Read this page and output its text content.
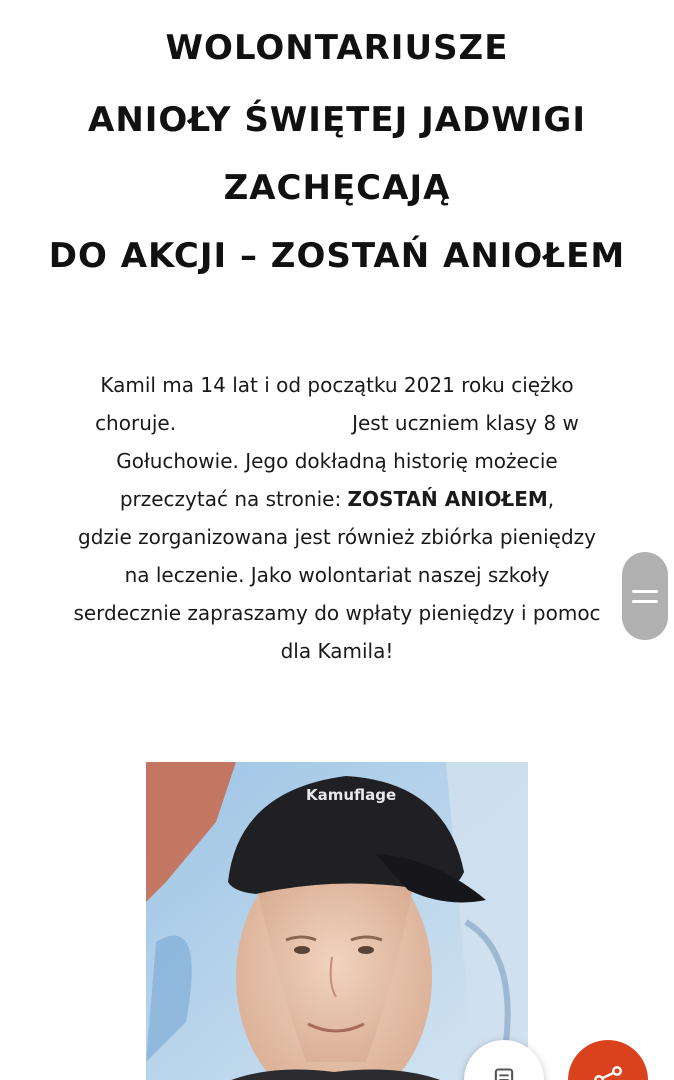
WOLONTARIUSZE
ANIOŁY ŚWIĘTEJ JADWIGI
ZACHĘCAJĄ
DO AKCJI – ZOSTAŃ ANIOŁEM
Kamil ma 14 lat i od początku 2021 roku ciężko
choruje.	Jest uczniem klasy 8 w
Gołuchowie. Jego dokładną historię możecie
przeczytać na stronie: ZOSTAŃ ANIOŁEM,
gdzie zorganizowana jest również zbiórka pieniędzy
na leczenie. Jako wolontariat naszej szkoły
serdecznie zapraszamy do wpłaty pieniędzy i pomoc
dla Kamila!
Kamuflage
